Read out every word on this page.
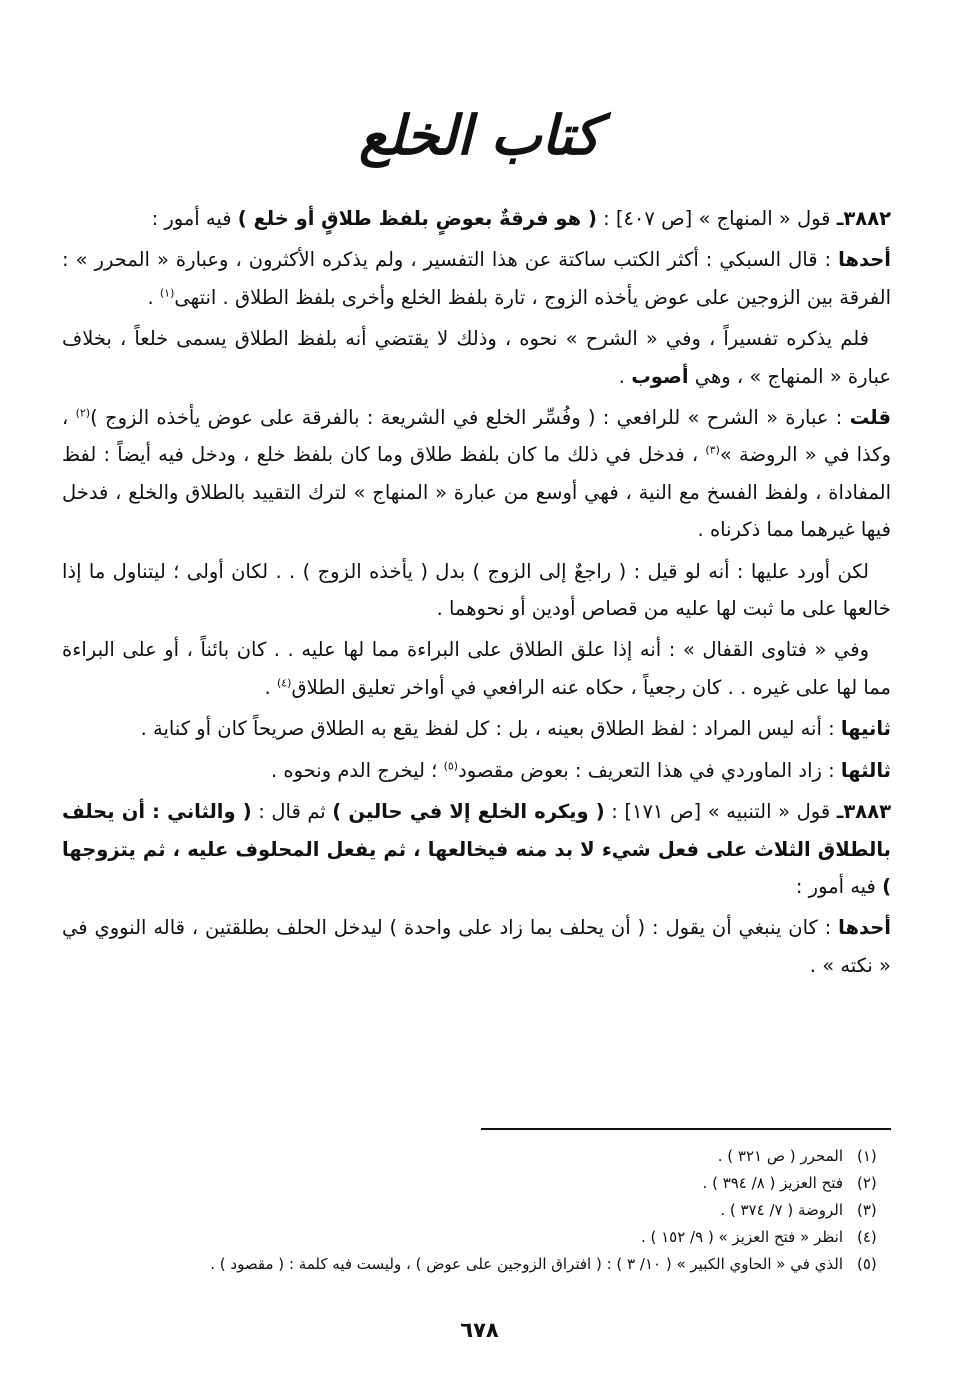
كتاب الخلع

٣٨٨٢ـ قول « المنهاج » [ص ٤٠٧] : ( هو فرقةٌ بعوضٍ بلفظ طلاقٍ أو خلع ) فيه أمور :

أحدها : قال السبكي : أكثر الكتب ساكتة عن هذا التفسير ، ولم يذكره الأكثرون ، وعبارة « المحرر » : الفرقة بين الزوجين على عوض يأخذه الزوج ، تارة بلفظ الخلع وأخرى بلفظ الطلاق . انتهى$^{(١)}$ .

فلم يذكره تفسيراً ، وفي « الشرح » نحوه ، وذلك لا يقتضي أنه بلفظ الطلاق يسمى خلعاً ، بخلاف عبارة « المنهاج » ، وهي أصوب .

قلت : عبارة « الشرح » للرافعي : ( وفُسِّر الخلع في الشريعة : بالفرقة على عوض يأخذه الزوج )$^{(٢)}$ ، وكذا في « الروضة »$^{(٣)}$ ، فدخل في ذلك ما كان بلفظ طلاق وما كان بلفظ خلع ، ودخل فيه أيضاً : لفظ المفاداة ، ولفظ الفسخ مع النية ، فهي أوسع من عبارة « المنهاج » لترك التقييد بالطلاق والخلع ، فدخل فيها غيرهما مما ذكرناه .

لكن أورد عليها : أنه لو قيل : ( راجعٌ إلى الزوج ) بدل ( يأخذه الزوج ) . . لكان أولى ؛ ليتناول ما إذا خالعها على ما ثبت لها عليه من قصاص أودين أو نحوهما .

وفي « فتاوى القفال » : أنه إذا علق الطلاق على البراءة مما لها عليه . . كان بائناً ، أو على البراءة مما لها على غيره . . كان رجعياً ، حكاه عنه الرافعي في أواخر تعليق الطلاق$^{(٤)}$ .

ثانيها : أنه ليس المراد : لفظ الطلاق بعينه ، بل : كل لفظ يقع به الطلاق صريحاً كان أو كناية .

ثالثها : زاد الماوردي في هذا التعريف : بعوض مقصود$^{(٥)}$ ؛ ليخرج الدم ونحوه .

٣٨٨٣ـ قول « التنبيه » [ص ١٧١] : ( ويكره الخلع إلا في حالين ) ثم قال : ( والثاني : أن يحلف بالطلاق الثلاث على فعل شيء لا بد منه فيخالعها ، ثم يفعل المحلوف عليه ، ثم يتزوجها ) فيه أمور :

أحدها : كان ينبغي أن يقول : ( أن يحلف بما زاد على واحدة ) ليدخل الحلف بطلقتين ، قاله النووي في « نكته » .

(١)
المحرر ( ص ٣٢١ ) .
(٢)
فتح العزيز ( ٨/ ٣٩٤ ) .
(٣)
الروضة ( ٧/ ٣٧٤ ) .
(٤)
انظر « فتح العزيز » ( ٩/ ١٥٢ ) .
(٥)
الذي في « الحاوي الكبير » ( ١٠/ ٣ ) : ( افتراق الزوجين على عوض ) ، وليست فيه كلمة : ( مقصود ) .
٦٧٨
